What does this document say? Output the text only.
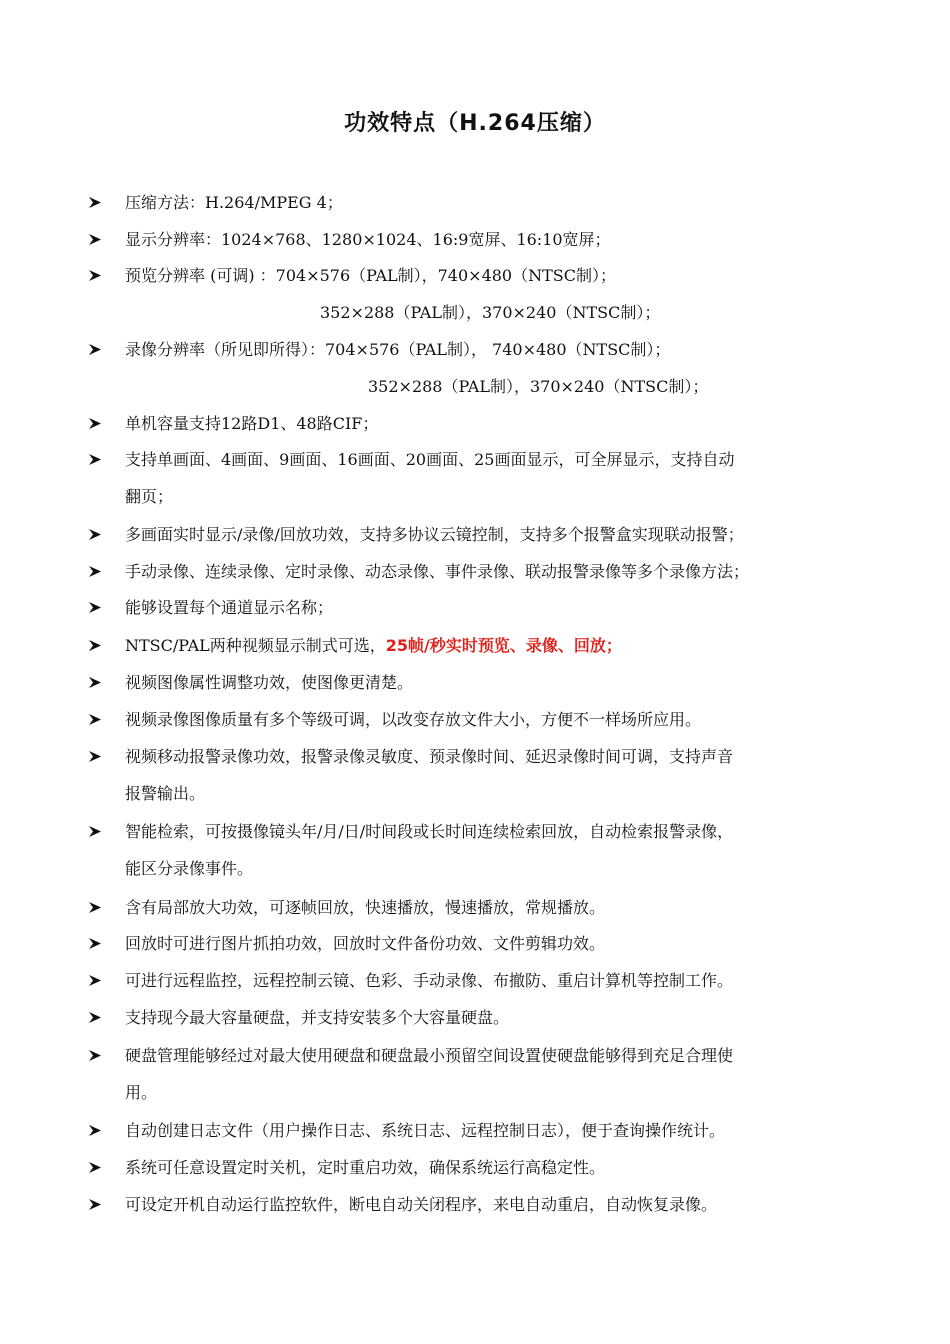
功效特点（H.264压缩）
压缩方法：H.264/MPEG 4；
显示分辨率：1024×768、1280×1024、16:9宽屏、16:10宽屏；
预览分辨率 (可调) ：704×576（PAL制），740×480（NTSC制）；
352×288（PAL制），370×240（NTSC制）；
录像分辨率（所见即所得）：704×576（PAL制）， 740×480（NTSC制）；
352×288（PAL制），370×240（NTSC制）；
单机容量支持12路D1、48路CIF；
支持单画面、4画面、9画面、16画面、20画面、25画面显示，可全屏显示，支持自动
翻页；
多画面实时显示/录像/回放功效，支持多协议云镜控制，支持多个报警盒实现联动报警；
手动录像、连续录像、定时录像、动态录像、事件录像、联动报警录像等多个录像方法；
能够设置每个通道显示名称；
NTSC/PAL两种视频显示制式可选，25帧/秒实时预览、录像、回放；
视频图像属性调整功效，使图像更清楚。
视频录像图像质量有多个等级可调，以改变存放文件大小，方便不一样场所应用。
视频移动报警录像功效，报警录像灵敏度、预录像时间、延迟录像时间可调，支持声音
报警输出。
智能检索，可按摄像镜头年/月/日/时间段或长时间连续检索回放，自动检索报警录像，
能区分录像事件。
含有局部放大功效，可逐帧回放，快速播放，慢速播放，常规播放。
回放时可进行图片抓拍功效，回放时文件备份功效、文件剪辑功效。
可进行远程监控，远程控制云镜、色彩、手动录像、布撤防、重启计算机等控制工作。
支持现今最大容量硬盘，并支持安装多个大容量硬盘。
硬盘管理能够经过对最大使用硬盘和硬盘最小预留空间设置使硬盘能够得到充足合理使
用。
自动创建日志文件（用户操作日志、系统日志、远程控制日志），便于查询操作统计。
系统可任意设置定时关机，定时重启功效，确保系统运行高稳定性。
可设定开机自动运行监控软件，断电自动关闭程序，来电自动重启，自动恢复录像。
